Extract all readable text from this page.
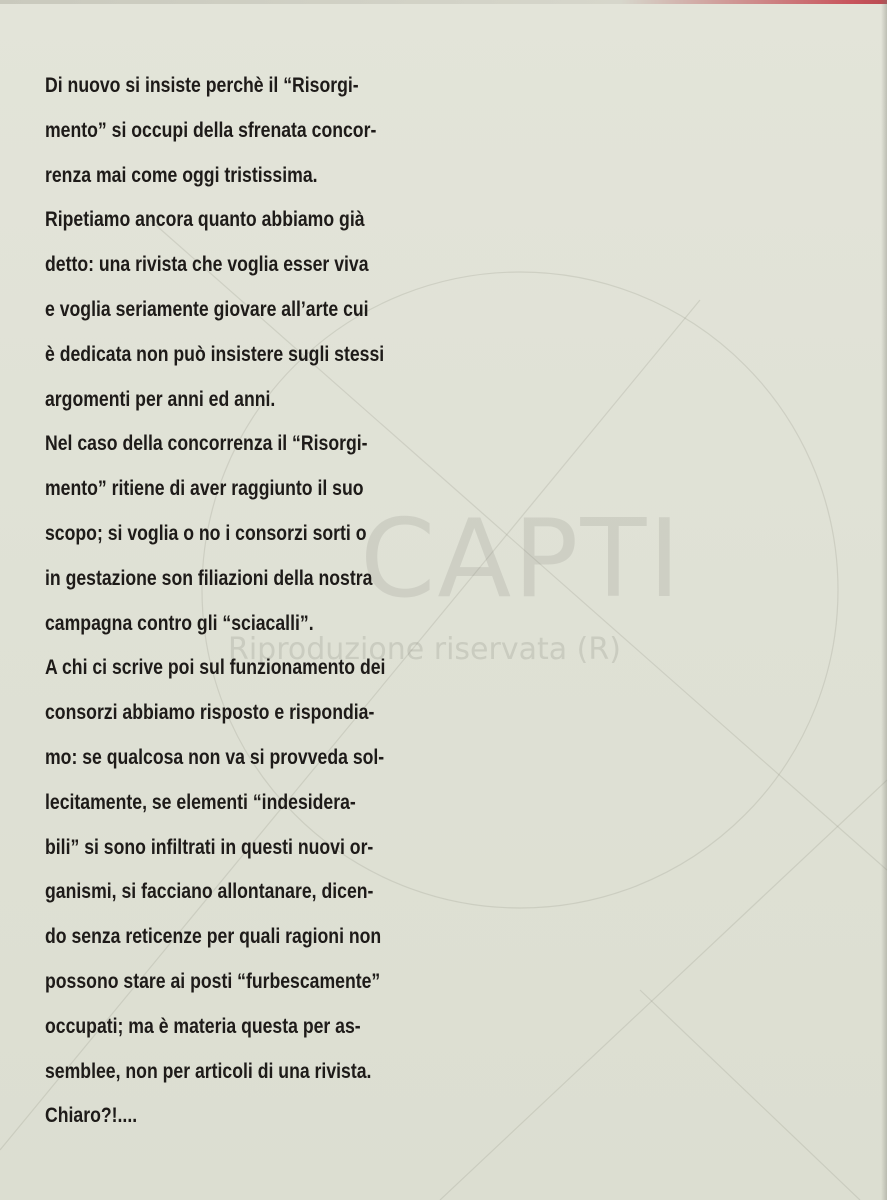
CAPTI
Riproduzione riservata (R)
Di nuovo si insiste perchè il “Risorgi-
mento” si occupi della sfrenata concor-
renza mai come oggi tristissima.
Ripetiamo ancora quanto abbiamo già
detto: una rivista che voglia esser viva
e voglia seriamente giovare all’arte cui
è dedicata non può insistere sugli stessi
argomenti per anni ed anni.
Nel caso della concorrenza il “Risorgi-
mento” ritiene di aver raggiunto il suo
scopo; si voglia o no i consorzi sorti o
in gestazione son filiazioni della nostra
campagna contro gli “sciacalli”.
A chi ci scrive poi sul funzionamento dei
consorzi abbiamo risposto e rispondia-
mo: se qualcosa non va si provveda sol-
lecitamente, se elementi “indesidera-
bili” si sono infiltrati in questi nuovi or-
ganismi, si facciano allontanare, dicen-
do senza reticenze per quali ragioni non
possono stare ai posti “furbescamente”
occupati; ma è materia questa per as-
semblee, non per articoli di una rivista.
Chiaro?!....
